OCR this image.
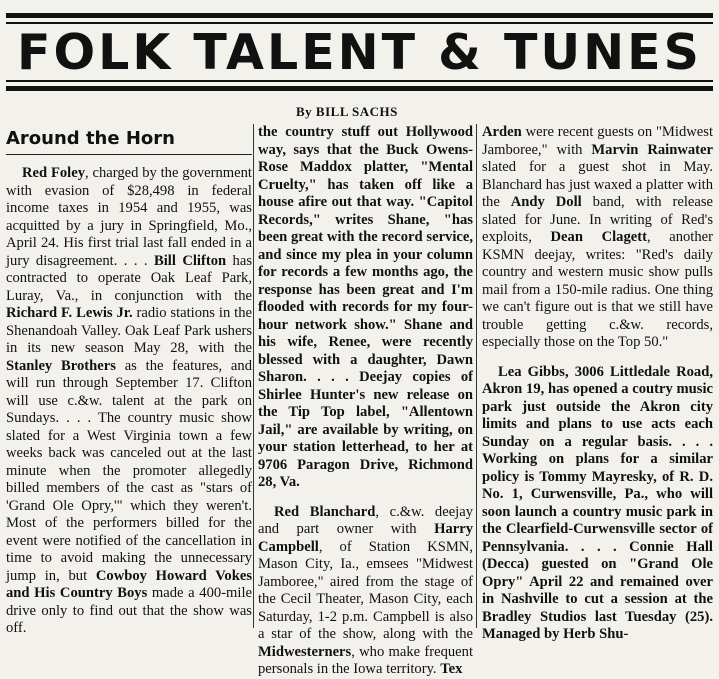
FOLK TALENT & TUNES
By BILL SACHS
Around the Horn

Red Foley, charged by the government with evasion of $28,498 in federal income taxes in 1954 and 1955, was acquitted by a jury in Springfield, Mo., April 24. His first trial last fall ended in a jury disagreement. . . . Bill Clifton has contracted to operate Oak Leaf Park, Luray, Va., in conjunction with the Richard F. Lewis Jr. radio stations in the Shenandoah Valley. Oak Leaf Park ushers in its new season May 28, with the Stanley Brothers as the features, and will run through September 17. Clifton will use c.&w. talent at the park on Sundays. . . . The country music show slated for a West Virginia town a few weeks back was canceled out at the last minute when the promoter allegedly billed members of the cast as "stars of 'Grand Ole Opry,'" which they weren't. Most of the performers billed for the event were notified of the cancellation in time to avoid making the unnecessary jump in, but Cowboy Howard Vokes and His Country Boys made a 400-mile drive only to find out that the show was off.

the country stuff out Hollywood way, says that the Buck Owens-Rose Maddox platter, "Mental Cruelty," has taken off like a house afire out that way. "Capitol Records," writes Shane, "has been great with the record service, and since my plea in your column for records a few months ago, the response has been great and I'm flooded with records for my four-hour network show." Shane and his wife, Renee, were recently blessed with a daughter, Dawn Sharon. . . . Deejay copies of Shirlee Hunter's new release on the Tip Top label, "Allentown Jail," are available by writing, on your station letterhead, to her at 9706 Paragon Drive, Richmond 28, Va.

Red Blanchard, c.&w. deejay and part owner with Harry Campbell, of Station KSMN, Mason City, Ia., emsees "Midwest Jamboree," aired from the stage of the Cecil Theater, Mason City, each Saturday, 1-2 p.m. Campbell is also a star of the show, along with the Midwesterners, who make frequent personals in the Iowa territory. Tex

Arden were recent guests on "Midwest Jamboree," with Marvin Rainwater slated for a guest shot in May. Blanchard has just waxed a platter with the Andy Doll band, with release slated for June. In writing of Red's exploits, Dean Clagett, another KSMN deejay, writes: "Red's daily country and western music show pulls mail from a 150-mile radius. One thing we can't figure out is that we still have trouble getting c.&w. records, especially those on the Top 50."

Lea Gibbs, 3006 Littledale Road, Akron 19, has opened a coutry music park just outside the Akron city limits and plans to use acts each Sunday on a regular basis. . . . Working on plans for a similar policy is Tommy Mayresky, of R. D. No. 1, Curwensville, Pa., who will soon launch a country music park in the Clearfield-Curwensville sector of Pennsylvania. . . . Connie Hall (Decca) guested on "Grand Ole Opry" April 22 and remained over in Nashville to cut a session at the Bradley Studios last Tuesday (25). Managed by Herb Shu-
